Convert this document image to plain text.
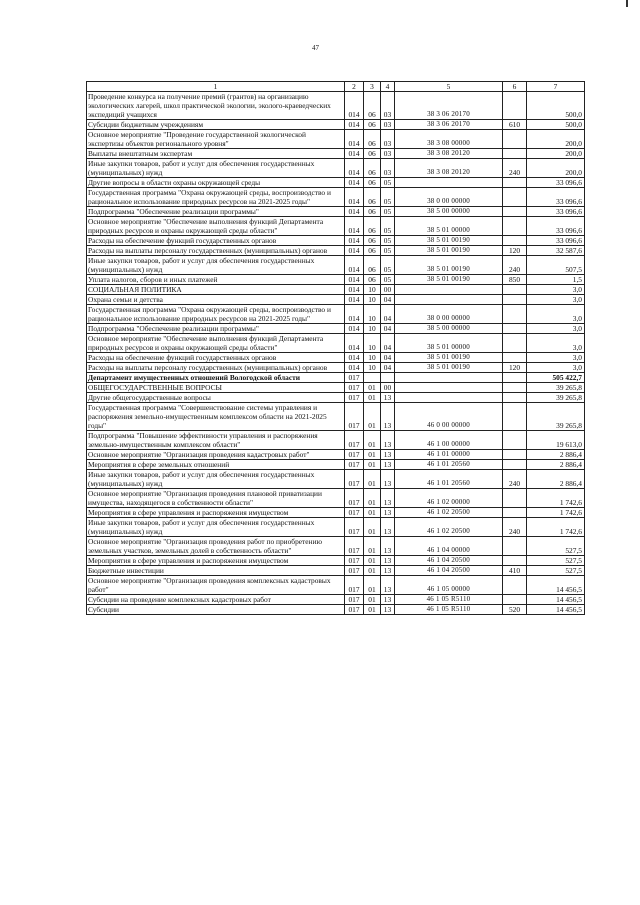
47
1	2	3	4	5	6	7
Проведение конкурса на получение премий (грантов) на организацию экологических лагерей, школ практической экологии, эколого-краеведческих экспедиций учащихся	014	06	03	38 3 06 20170		500,0
Субсидии бюджетным учреждениям	014	06	03	38 3 06 20170	610	500,0
Основное мероприятие "Проведение государственной экологической экспертизы объектов регионального уровня"	014	06	03	38 3 08 00000		200,0
Выплаты внештатным экспертам	014	06	03	38 3 08 20120		200,0
Иные закупки товаров, работ и услуг для обеспечения государственных (муниципальных) нужд	014	06	03	38 3 08 20120	240	200,0
Другие вопросы в области охраны окружающей среды	014	06	05			33 096,6
Государственная программа "Охрана окружающей среды, воспроизводство и рациональное использование природных ресурсов на 2021-2025 годы"	014	06	05	38 0 00 00000		33 096,6
Подпрограмма "Обеспечение реализации программы"	014	06	05	38 5 00 00000		33 096,6
Основное мероприятие "Обеспечение выполнения функций Департамента природных ресурсов и охраны окружающей среды области"	014	06	05	38 5 01 00000		33 096,6
Расходы на обеспечение функций государственных органов	014	06	05	38 5 01 00190		33 096,6
Расходы на выплаты персоналу государственных (муниципальных) органов	014	06	05	38 5 01 00190	120	32 587,6
Иные закупки товаров, работ и услуг для обеспечения государственных (муниципальных) нужд	014	06	05	38 5 01 00190	240	507,5
Уплата налогов, сборов и иных платежей	014	06	05	38 5 01 00190	850	1,5
СОЦИАЛЬНАЯ ПОЛИТИКА	014	10	00			3,0
Охрана семьи и детства	014	10	04			3,0
Государственная программа "Охрана окружающей среды, воспроизводство и рациональное использование природных ресурсов на 2021-2025 годы"	014	10	04	38 0 00 00000		3,0
Подпрограмма "Обеспечение реализации программы"	014	10	04	38 5 00 00000		3,0
Основное мероприятие "Обеспечение выполнения функций Департамента природных ресурсов и охраны окружающей среды области"	014	10	04	38 5 01 00000		3,0
Расходы на обеспечение функций государственных органов	014	10	04	38 5 01 00190		3,0
Расходы на выплаты персоналу государственных (муниципальных) органов	014	10	04	38 5 01 00190	120	3,0
Департамент имущественных отношений Вологодской области	017					505 422,7
ОБЩЕГОСУДАРСТВЕННЫЕ ВОПРОСЫ	017	01	00			39 265,8
Другие общегосударственные вопросы	017	01	13			39 265,8
Государственная программа "Совершенствование системы управления и распоряжения земельно-имущественным комплексом области на 2021-2025 годы"	017	01	13	46 0 00 00000		39 265,8
Подпрограмма "Повышение эффективности управления и распоряжения земельно-имущественным комплексом области"	017	01	13	46 1 00 00000		19 613,0
Основное мероприятие "Организация проведения кадастровых работ"	017	01	13	46 1 01 00000		2 886,4
Мероприятия в сфере земельных отношений	017	01	13	46 1 01 20560		2 886,4
Иные закупки товаров, работ и услуг для обеспечения государственных (муниципальных) нужд	017	01	13	46 1 01 20560	240	2 886,4
Основное мероприятие "Организация проведения плановой приватизации имущества, находящегося в собственности области"	017	01	13	46 1 02 00000		1 742,6
Мероприятия в сфере управления и распоряжения имуществом	017	01	13	46 1 02 20500		1 742,6
Иные закупки товаров, работ и услуг для обеспечения государственных (муниципальных) нужд	017	01	13	46 1 02 20500	240	1 742,6
Основное мероприятие "Организация проведения работ по приобретению земельных участков, земельных долей в собственность области"	017	01	13	46 1 04 00000		527,5
Мероприятия в сфере управления и распоряжения имуществом	017	01	13	46 1 04 20500		527,5
Бюджетные инвестиции	017	01	13	46 1 04 20500	410	527,5
Основное мероприятие "Организация проведения комплексных кадастровых работ"	017	01	13	46 1 05 00000		14 456,5
Субсидии на проведение комплексных кадастровых работ	017	01	13	46 1 05 R5110		14 456,5
Субсидии	017	01	13	46 1 05 R5110	520	14 456,5
